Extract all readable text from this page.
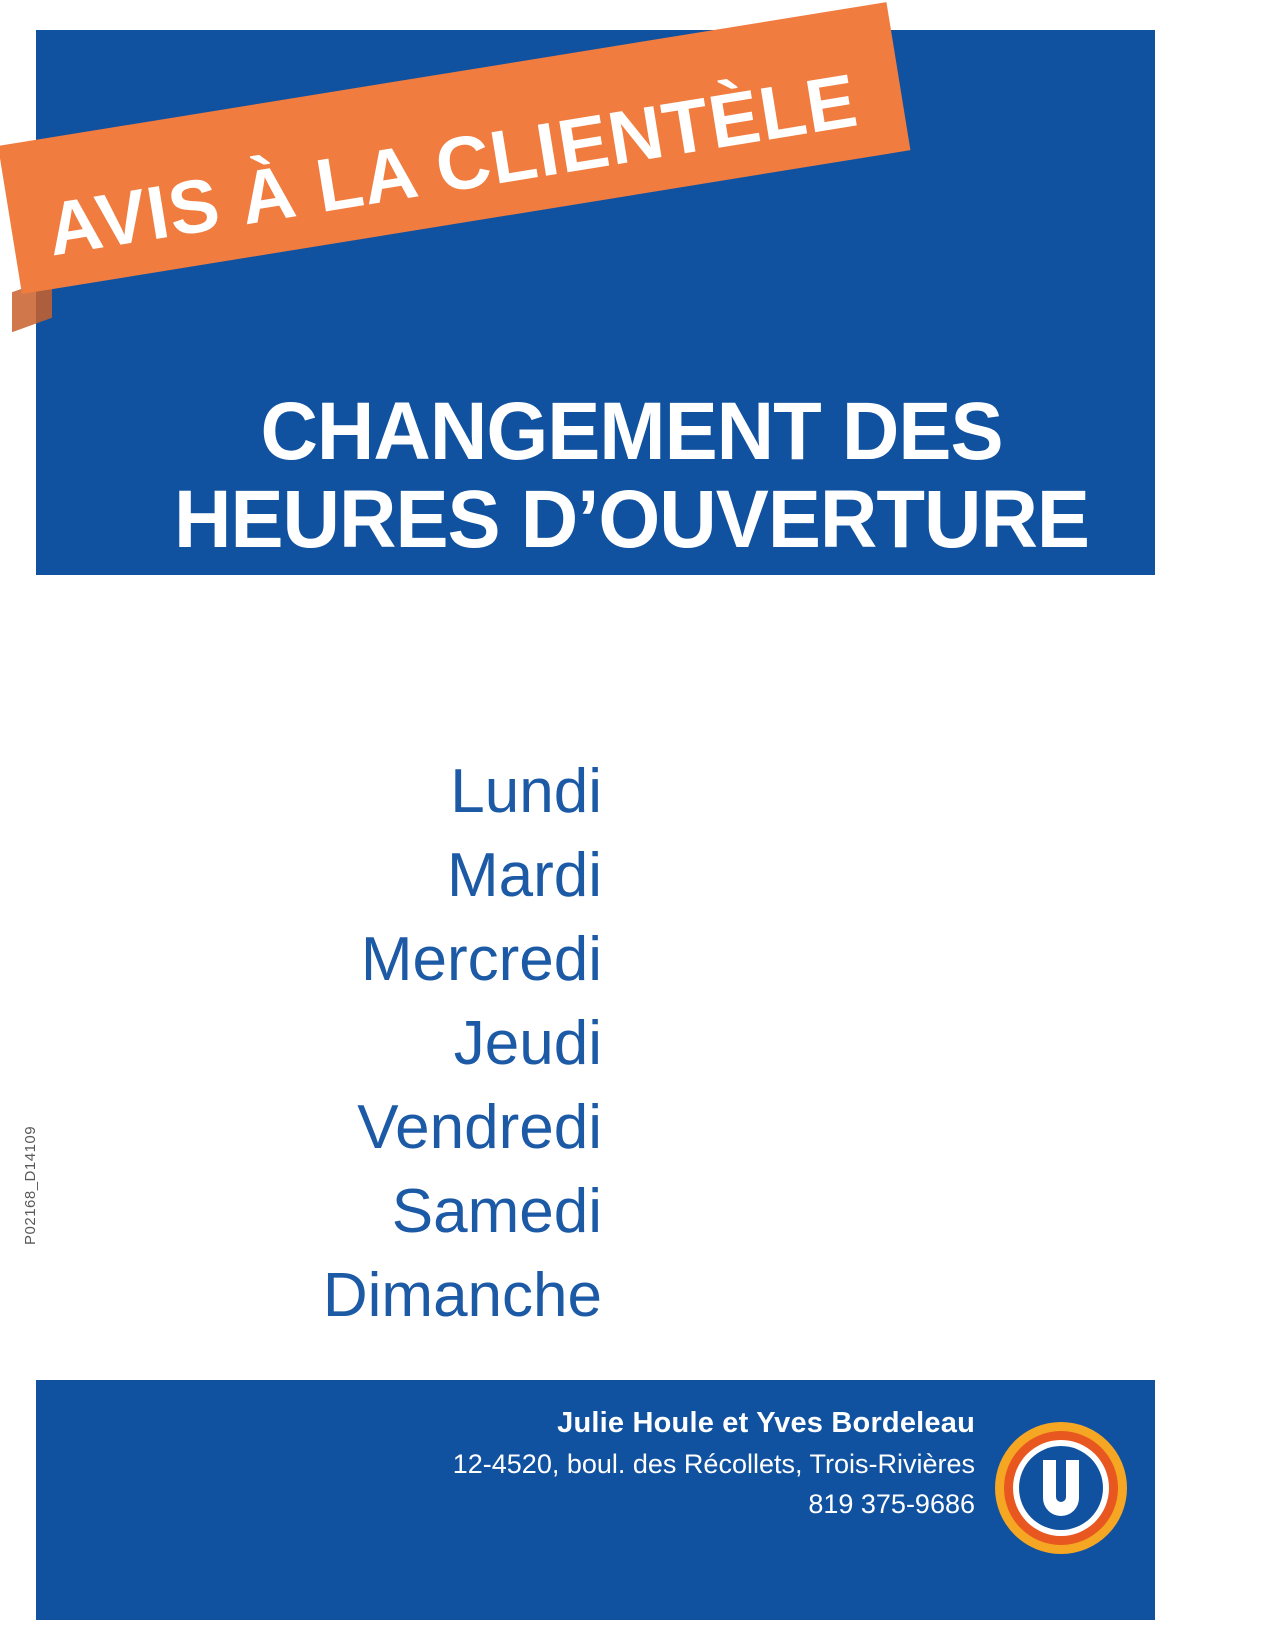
CHANGEMENT DES
HEURES D’OUVERTURE
AVIS À LA CLIENTÈLE
Lundi
Mardi
Mercredi
Jeudi
Vendredi
Samedi
Dimanche
P02168_D14109
Julie Houle et Yves Bordeleau
12-4520, boul. des Récollets, Trois-Rivières
819 375-9686
